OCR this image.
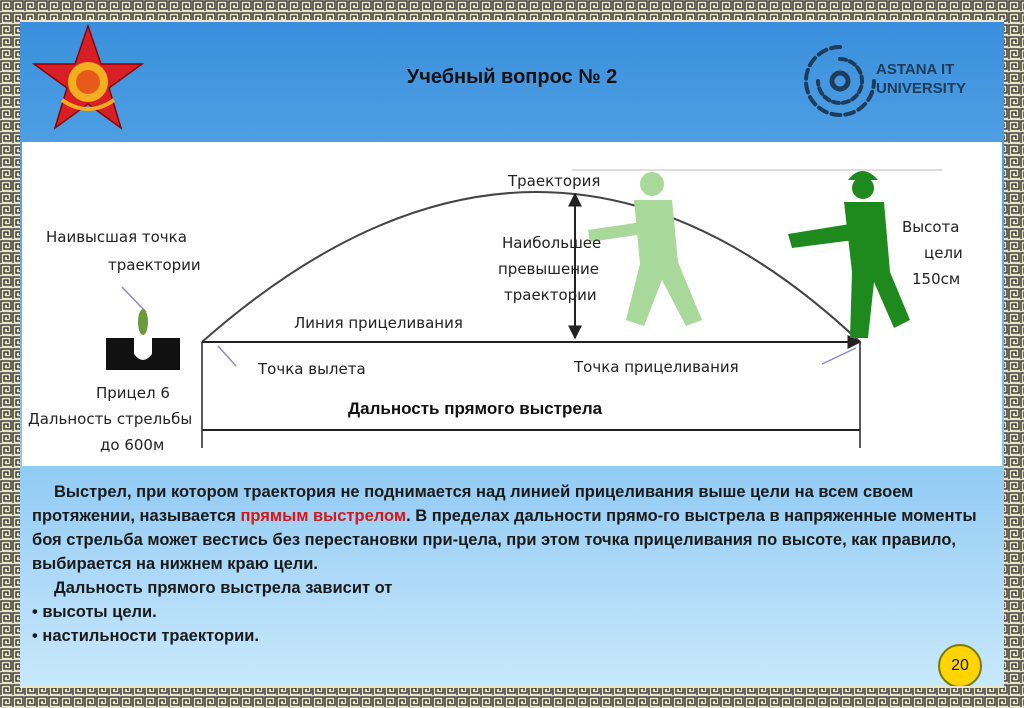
Учебный вопрос № 2	ASTANA IT
UNIVERSITY
Траектория
Наивысшая точка
траектории
Наибольшее
превышение
траектории
Линия прицеливания
Точка вылета	Точка прицеливания
Прицел 6
Дальность стрельбы
до 600м
Высота
цели
150см
Дальность прямого выстрела

Выстрел, при котором траектория не поднимается над линией прицеливания выше цели на всем своем протяжении, называется прямым выстрелом. В пределах дальности прямо-го выстрела в напряженные моменты боя стрельба может вестись без перестановки при-цела, при этом точка прицеливания по высоте, как правило, выбирается на нижнем краю цели.

Дальность прямого выстрела зависит от

• высоты цели.

• настильности траектории.

20
